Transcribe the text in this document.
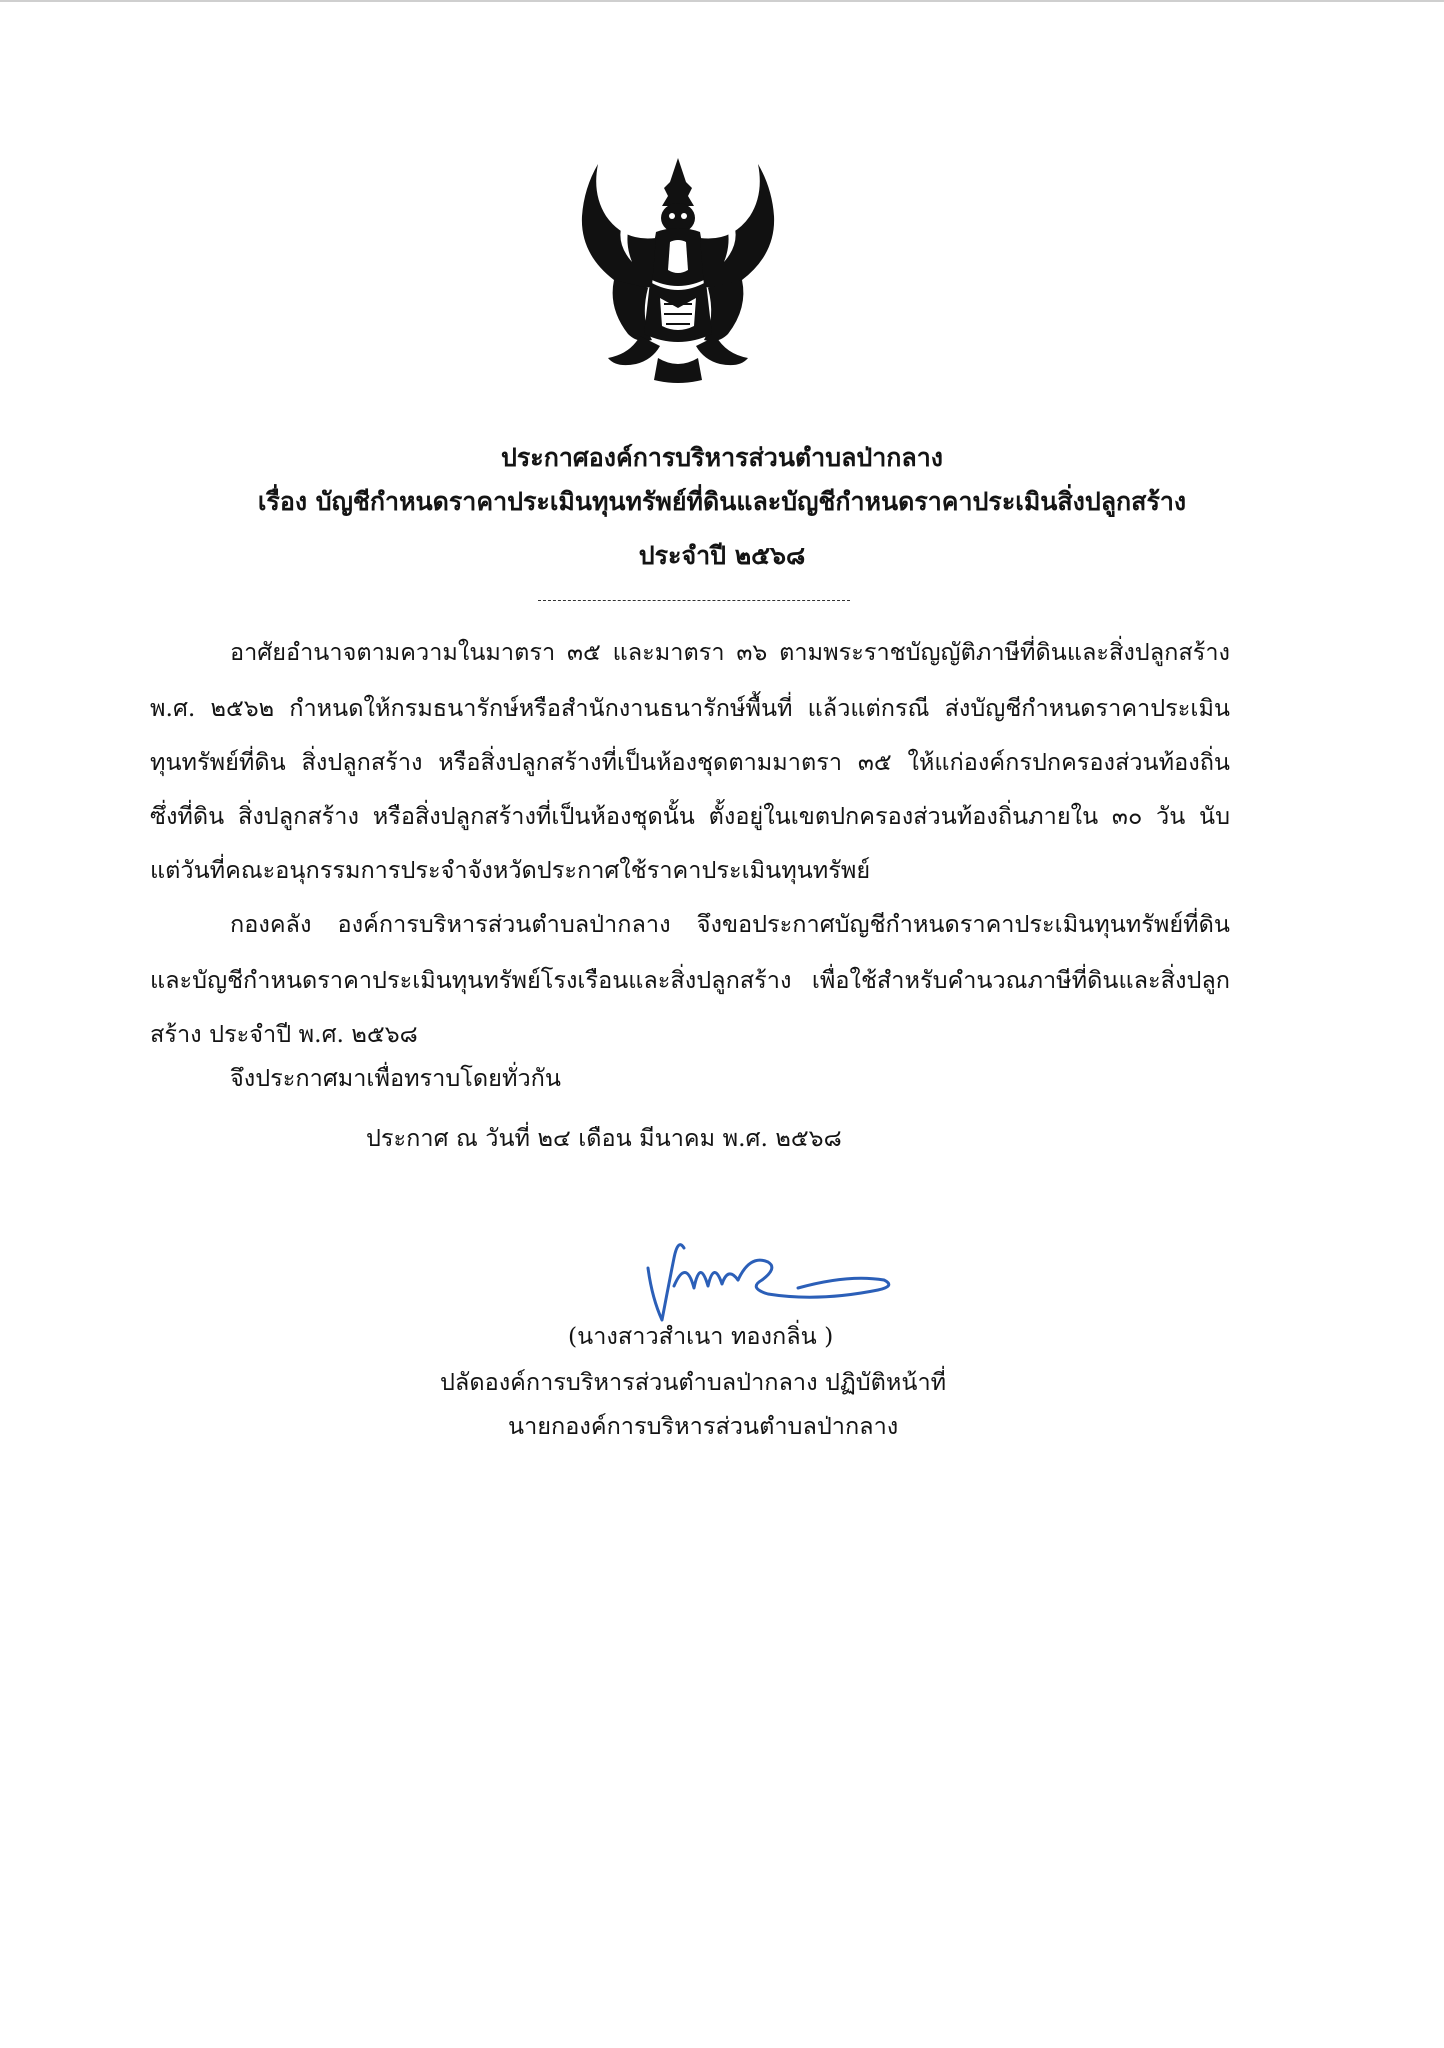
ประกาศองค์การบริหารส่วนตำบลป่ากลาง
เรื่อง บัญชีกำหนดราคาประเมินทุนทรัพย์ที่ดินและบัญชีกำหนดราคาประเมินสิ่งปลูกสร้าง
ประจำปี ๒๕๖๘
อาศัยอำนาจตามความในมาตรา ๓๕ และมาตรา ๓๖ ตามพระราชบัญญัติภาษีที่ดินและสิ่งปลูกสร้าง
พ.ศ. ๒๕๖๒ กำหนดให้กรมธนารักษ์หรือสำนักงานธนารักษ์พื้นที่ แล้วแต่กรณี ส่งบัญชีกำหนดราคาประเมิน
ทุนทรัพย์ที่ดิน สิ่งปลูกสร้าง หรือสิ่งปลูกสร้างที่เป็นห้องชุดตามมาตรา ๓๕ ให้แก่องค์กรปกครองส่วนท้องถิ่น
ซึ่งที่ดิน สิ่งปลูกสร้าง หรือสิ่งปลูกสร้างที่เป็นห้องชุดนั้น ตั้งอยู่ในเขตปกครองส่วนท้องถิ่นภายใน ๓๐ วัน นับ
แต่วันที่คณะอนุกรรมการประจำจังหวัดประกาศใช้ราคาประเมินทุนทรัพย์
กองคลัง องค์การบริหารส่วนตำบลป่ากลาง จึงขอประกาศบัญชีกำหนดราคาประเมินทุนทรัพย์ที่ดิน
และบัญชีกำหนดราคาประเมินทุนทรัพย์โรงเรือนและสิ่งปลูกสร้าง เพื่อใช้สำหรับคำนวณภาษีที่ดินและสิ่งปลูก
สร้าง ประจำปี พ.ศ. ๒๕๖๘
จึงประกาศมาเพื่อทราบโดยทั่วกัน
ประกาศ ณ วันที่ ๒๔ เดือน มีนาคม พ.ศ. ๒๕๖๘
(นางสาวสำเนา ทองกลิ่น )
ปลัดองค์การบริหารส่วนตำบลป่ากลาง ปฏิบัติหน้าที่
นายกองค์การบริหารส่วนตำบลป่ากลาง
